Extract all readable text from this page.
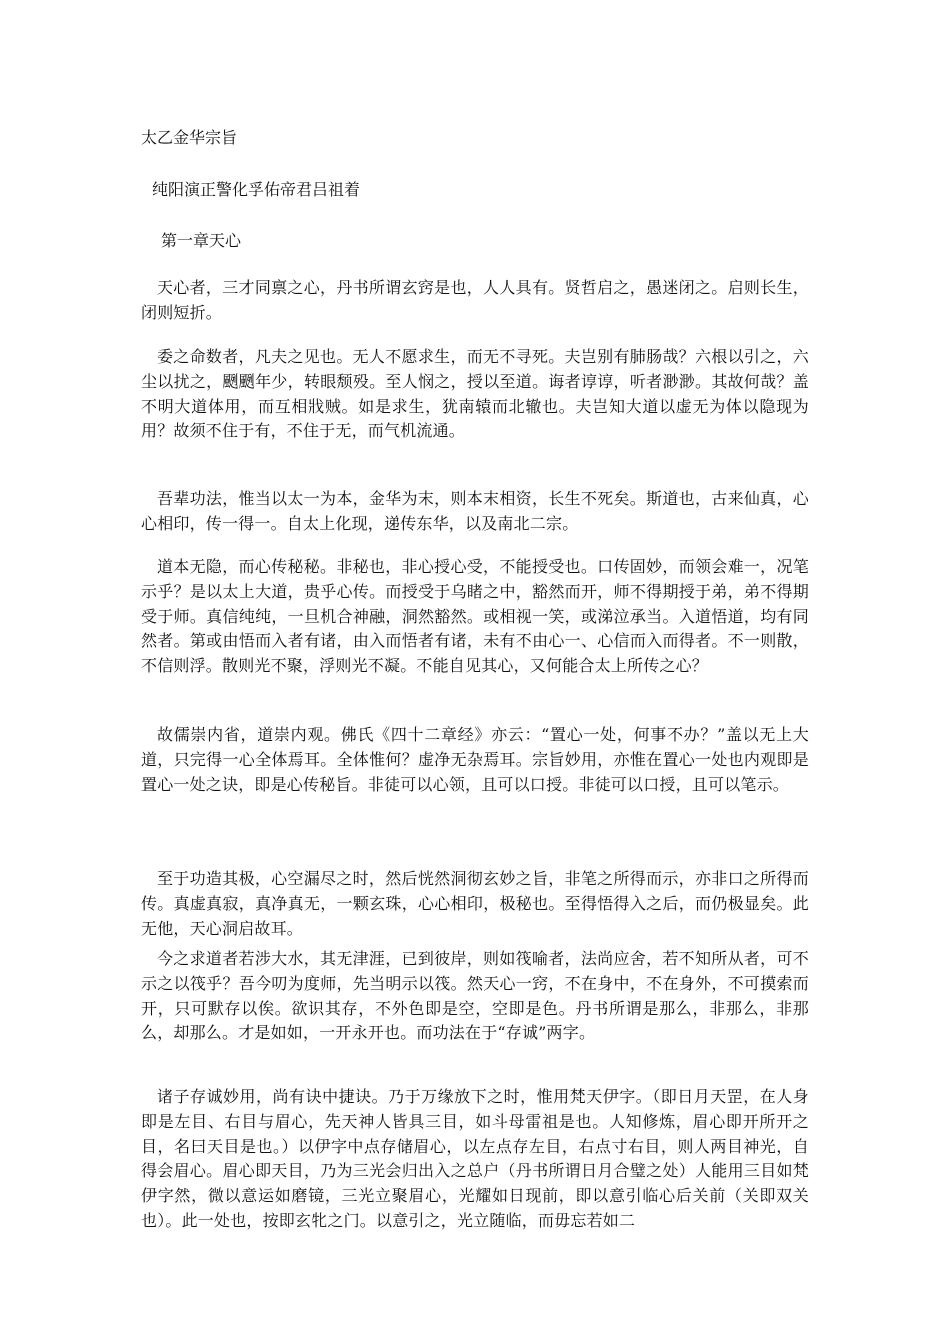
太乙金华宗旨
纯阳演正警化孚佑帝君吕祖着
第一章天心

天心者，三才同禀之心，丹书所谓玄窍是也，人人具有。贤哲启之，愚迷闭之。启则长生，闭则短折。

委之命数者，凡夫之见也。无人不愿求生，而无不寻死。夫岂别有肺肠哉？六根以引之，六尘以扰之，颲颲年少，转眼颓殁。至人悯之，授以至道。诲者谆谆，听者渺渺。其故何哉？盖不明大道体用，而互相戕贼。如是求生，犹南辕而北辙也。夫岂知大道以虚无为体以隐现为用？故须不住于有，不住于无，而气机流通。

吾辈功法，惟当以太一为本，金华为末，则本末相资，长生不死矣。斯道也，古来仙真，心心相印，传一得一。自太上化现，递传东华，以及南北二宗。

道本无隐，而心传秘秘。非秘也，非心授心受，不能授受也。口传固妙，而领会难一，况笔示乎？是以太上大道，贵乎心传。而授受于乌睹之中，豁然而开，师不得期授于弟，弟不得期受于师。真信纯纯，一旦机合神融，洞然豁然。或相视一笑，或涕泣承当。入道悟道，均有同然者。第或由悟而入者有诸，由入而悟者有诸，未有不由心一、心信而入而得者。不一则散，不信则浮。散则光不聚，浮则光不凝。不能自见其心，又何能合太上所传之心？

故儒崇内省，道崇内观。佛氏《四十二章经》亦云：“置心一处，何事不办？”盖以无上大道，只完得一心全体焉耳。全体惟何？虚净无杂焉耳。宗旨妙用，亦惟在置心一处也内观即是置心一处之诀，即是心传秘旨。非徒可以心领，且可以口授。非徒可以口授，且可以笔示。

至于功造其极，心空漏尽之时，然后恍然洞彻玄妙之旨，非笔之所得而示，亦非口之所得而传。真虚真寂，真净真无，一颗玄珠，心心相印，极秘也。至得悟得入之后，而仍极显矣。此无他，天心洞启故耳。

今之求道者若涉大水，其无津涯，已到彼岸，则如筏喻者，法尚应舍，若不知所从者，可不示之以筏乎？吾今叨为度师，先当明示以筏。然天心一窍，不在身中，不在身外，不可摸索而开，只可默存以俟。欲识其存，不外色即是空，空即是色。丹书所谓是那么，非那么，非那么，却那么。才是如如，一开永开也。而功法在于“存诚”两字。

诸子存诚妙用，尚有诀中捷诀。乃于万缘放下之时，惟用梵天伊字。（即日月天罡，在人身即是左目、右目与眉心，先天神人皆具三目，如斗母雷祖是也。人知修炼，眉心即开所开之目，名曰天目是也。）以伊字中点存储眉心，以左点存左目，右点寸右目，则人两目神光，自得会眉心。眉心即天目，乃为三光会归出入之总户（丹书所谓日月合璧之处）人能用三目如梵伊字然，微以意运如磨镜，三光立聚眉心，光耀如日现前，即以意引临心后关前（关即双关也）。此一处也，按即玄牝之门。以意引之，光立随临，而毋忘若如二
